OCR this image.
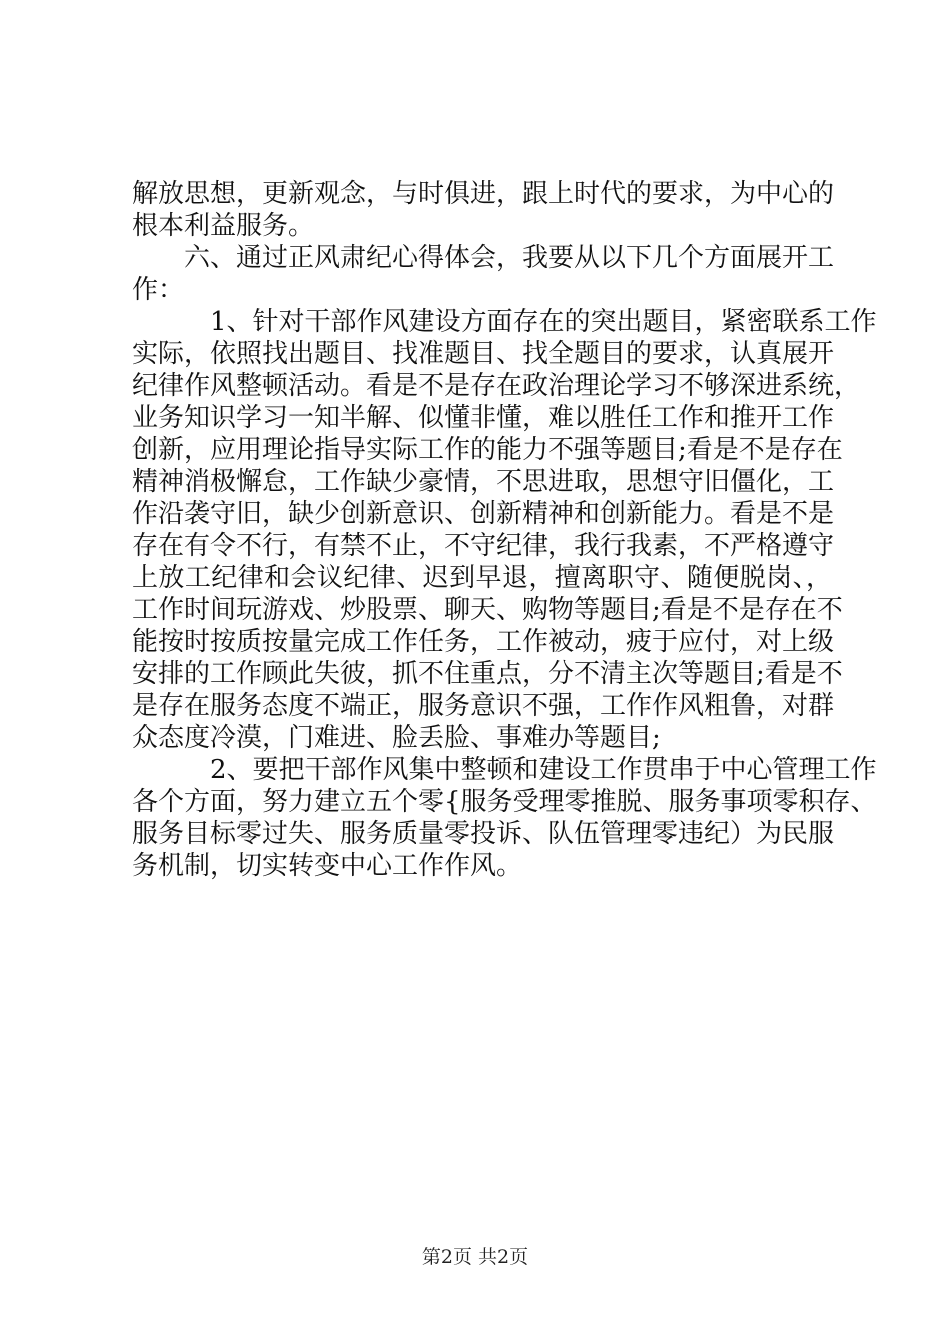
解放思想，更新观念，与时俱进，跟上时代的要求，为中心的
根本利益服务。
　六、通过正风肃纪心得体会，我要从以下几个方面展开工
作：
　　1、针对干部作风建设方面存在的突出题目，紧密联系工作
实际，依照找出题目、找准题目、找全题目的要求，认真展开
纪律作风整顿活动。看是不是存在政治理论学习不够深进系统，
业务知识学习一知半解、似懂非懂，难以胜任工作和推开工作
创新，应用理论指导实际工作的能力不强等题目;看是不是存在
精神消极懈怠，工作缺少豪情，不思进取，思想守旧僵化，工
作沿袭守旧，缺少创新意识、创新精神和创新能力。看是不是
存在有令不行，有禁不止，不守纪律，我行我素，不严格遵守
上放工纪律和会议纪律、迟到早退，擅离职守、随便脱岗、，
工作时间玩游戏、炒股票、聊天、购物等题目;看是不是存在不
能按时按质按量完成工作任务，工作被动，疲于应付，对上级
安排的工作顾此失彼，抓不住重点，分不清主次等题目;看是不
是存在服务态度不端正，服务意识不强，工作作风粗鲁，对群
众态度冷漠，门难进、脸丢脸、事难办等题目;
　　2、要把干部作风集中整顿和建设工作贯串于中心管理工作
各个方面，努力建立五个零{服务受理零推脱、服务事项零积存、
服务目标零过失、服务质量零投诉、队伍管理零违纪）为民服
务机制，切实转变中心工作作风。
第2页 共2页
